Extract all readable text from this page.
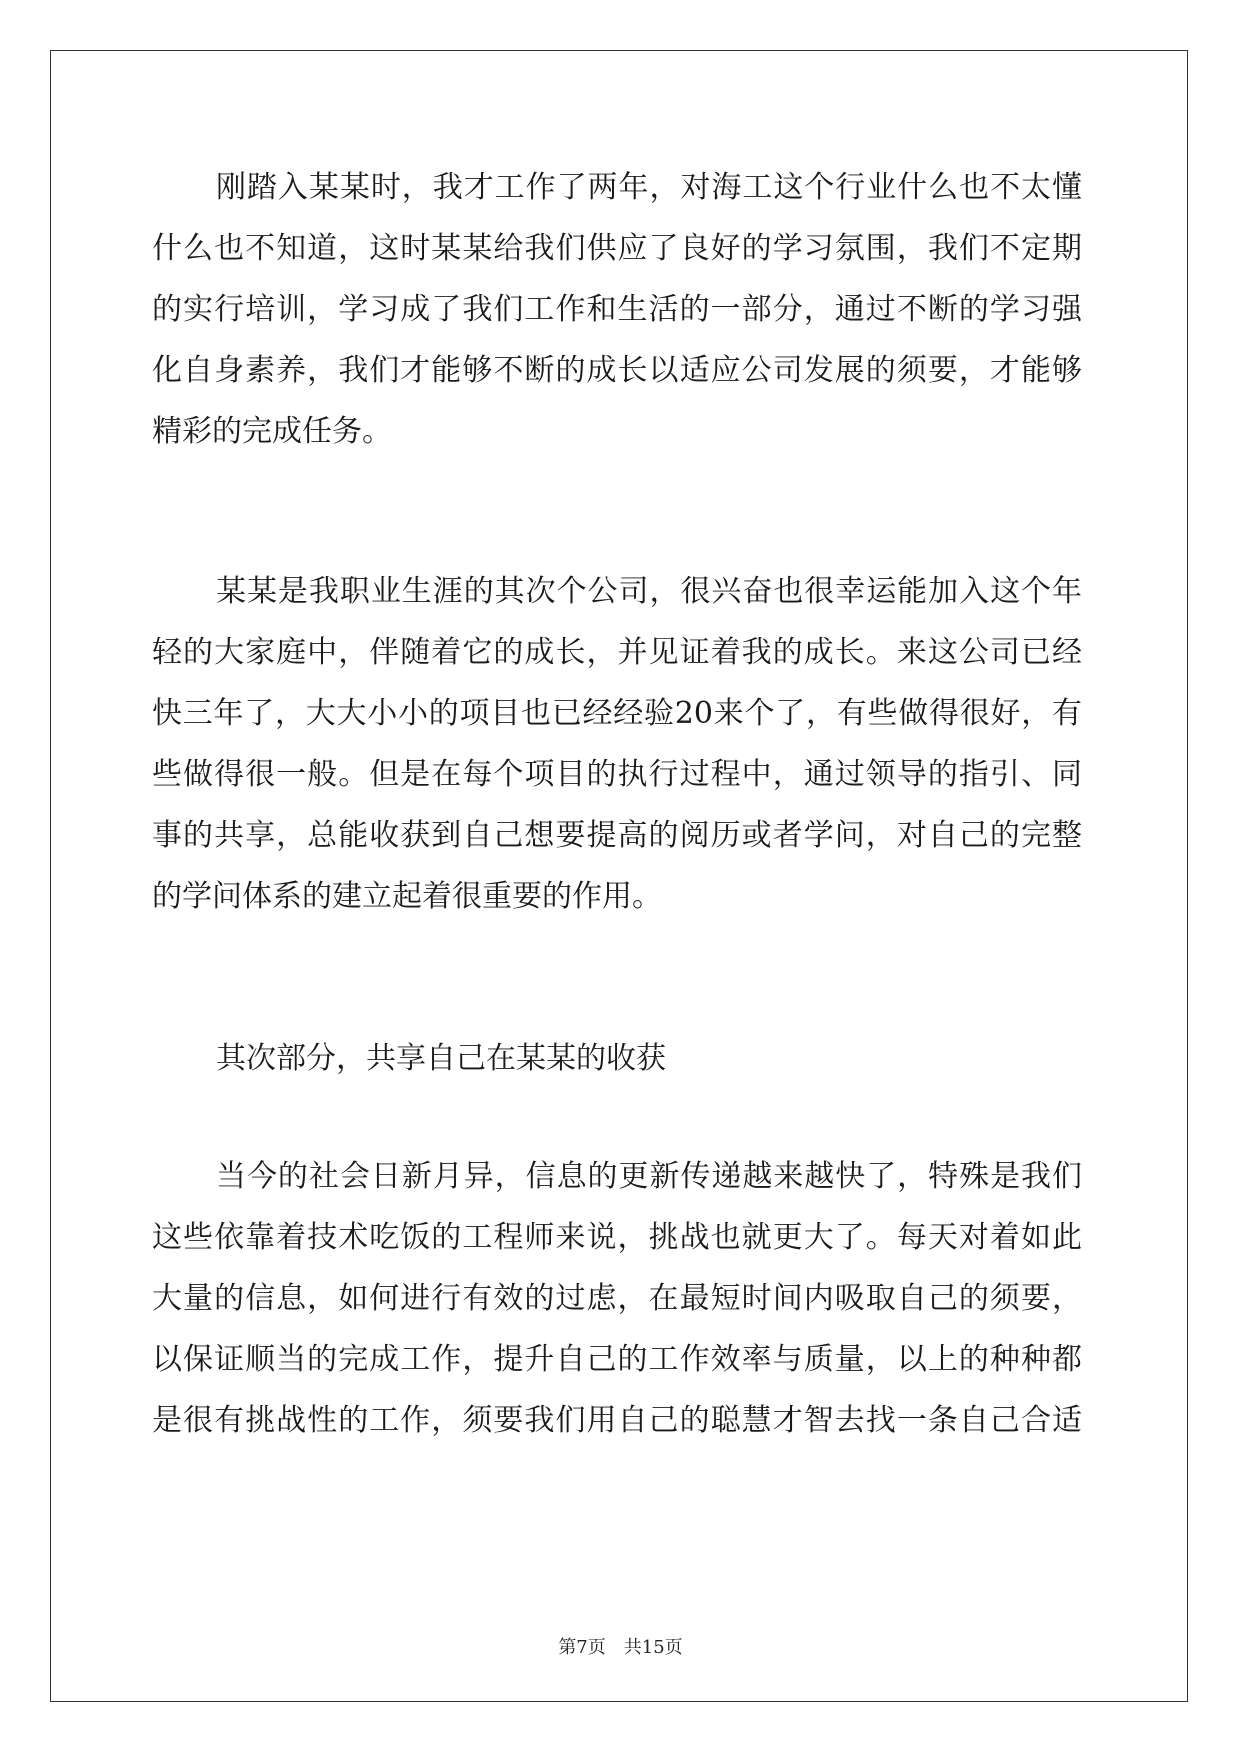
刚踏入某某时，我才工作了两年，对海工这个行业什么也不太懂
什么也不知道，这时某某给我们供应了良好的学习氛围，我们不定期
的实行培训，学习成了我们工作和生活的一部分，通过不断的学习强
化自身素养，我们才能够不断的成长以适应公司发展的须要，才能够
精彩的完成任务。
某某是我职业生涯的其次个公司，很兴奋也很幸运能加入这个年
轻的大家庭中，伴随着它的成长，并见证着我的成长。来这公司已经
快三年了，大大小小的项目也已经经验20来个了，有些做得很好，有
些做得很一般。但是在每个项目的执行过程中，通过领导的指引、同
事的共享，总能收获到自己想要提高的阅历或者学问，对自己的完整
的学问体系的建立起着很重要的作用。
其次部分，共享自己在某某的收获
当今的社会日新月异，信息的更新传递越来越快了，特殊是我们
这些依靠着技术吃饭的工程师来说，挑战也就更大了。每天对着如此
大量的信息，如何进行有效的过虑，在最短时间内吸取自己的须要，
以保证顺当的完成工作，提升自己的工作效率与质量，以上的种种都
是很有挑战性的工作，须要我们用自己的聪慧才智去找一条自己合适
第7页　共15页
